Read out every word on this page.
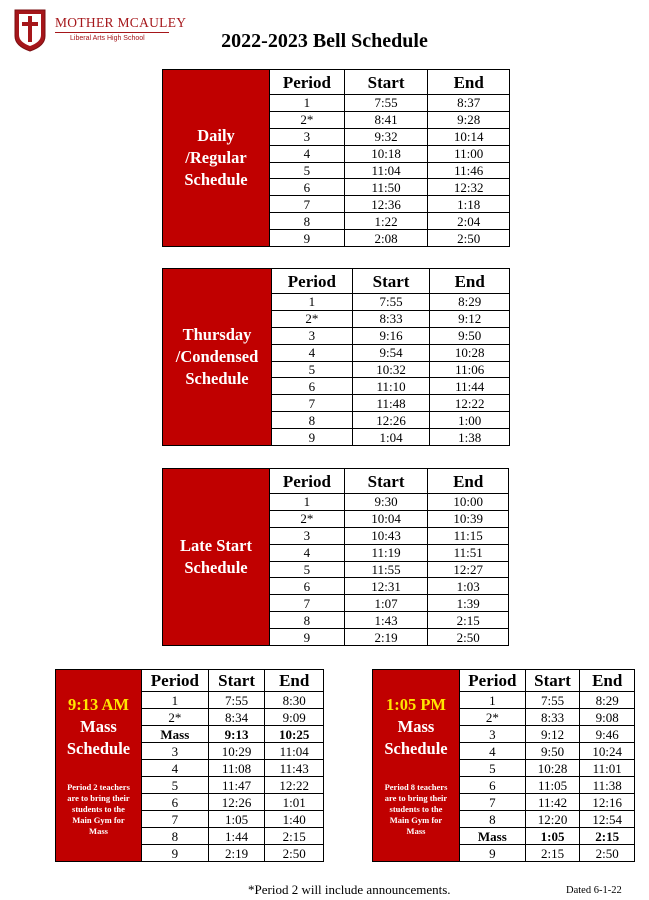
MOTHER MCAULEY
Liberal Arts High School	2022-2023 Bell Schedule
Daily
/Regular
Schedule
Period	Start	End
1	7:55	8:37
2*	8:41	9:28
3	9:32	10:14
4	10:18	11:00
5	11:04	11:46
6	11:50	12:32
7	12:36	1:18
8	1:22	2:04
9	2:08	2:50
Thursday
/Condensed
Schedule
Period	Start	End
1	7:55	8:29
2*	8:33	9:12
3	9:16	9:50
4	9:54	10:28
5	10:32	11:06
6	11:10	11:44
7	11:48	12:22
8	12:26	1:00
9	1:04	1:38
Late Start
Schedule
Period	Start	End
1	9:30	10:00
2*	10:04	10:39
3	10:43	11:15
4	11:19	11:51
5	11:55	12:27
6	12:31	1:03
7	1:07	1:39
8	1:43	2:15
9	2:19	2:50
9:13 AM
Mass
Schedule
Period 2 teachers
are to bring their
students to the
Main Gym for
Mass
Period	Start	End
1	7:55	8:30
2*	8:34	9:09
Mass	9:13	10:25
3	10:29	11:04
4	11:08	11:43
5	11:47	12:22
6	12:26	1:01
7	1:05	1:40
8	1:44	2:15
9	2:19	2:50
1:05 PM
Mass
Schedule
Period 8 teachers
are to bring their
students to the
Main Gym for
Mass
Period	Start	End
1	7:55	8:29
2*	8:33	9:08
3	9:12	9:46
4	9:50	10:24
5	10:28	11:01
6	11:05	11:38
7	11:42	12:16
8	12:20	12:54
Mass	1:05	2:15
9	2:15	2:50
*Period 2 will include announcements.	Dated 6-1-22
